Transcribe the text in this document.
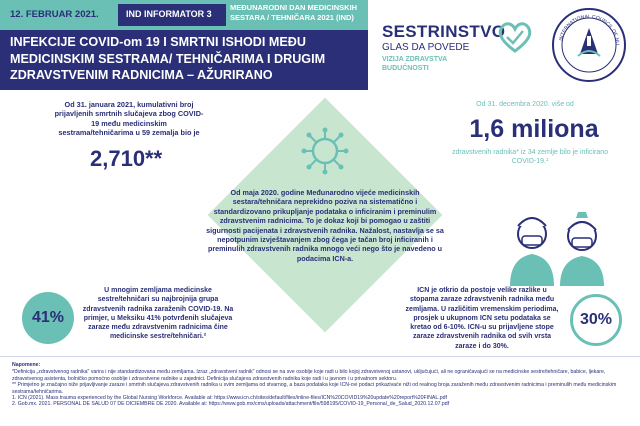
12. FEBRUAR 2021.	IND INFORMATOR 3
MEĐUNARODNI DAN MEDICINSKIH SESTARA / TEHNIČARA 2021 (IND)
INFEKCIJE COVID-om 19 I SMRTNI ISHODI MEĐU MEDICINSKIM SESTRAMA/ TEHNIČARIMA I DRUGIM ZDRAVSTVENIM RADNICIMA – AŽURIRANO
SESTRINSTVO
GLAS DA POVEDE
VIZIJA ZDRAVSTVA BUDUĆNOSTI
INTERNATIONAL COUNCIL OF NU
Od 31. januara 2021, kumulativni broj prijavljenih smrtnih slučajeva zbog COVID-19 među medicinskim sestrama/tehničarima u 59 zemalja bio je
2,710**
Od 31. decembra 2020. više od
1,6 miliona
zdravstvenih radnika* iz 34 zemlje bilo je inficirano COVID-19.¹
Od maja 2020. godine Međunarodno vijeće medicinskih sestara/tehničara neprekidno poziva na sistematično i standardizovano prikupljanje podataka o inficiranim i preminulim zdravstvenim radnicima. To je dokaz koji bi pomogao u zaštiti sigurnosti pacijenata i zdravstvenih radnika. Nažalost, nastavlja se sa nepotpunim izvještavanjem zbog čega je tačan broj inficiranih i preminulih zdravstvenih radnika mnogo veći nego što je navedeno u podacima ICN-a.
41%
U mnogim zemljama medicinske sestre/tehničari su najbrojnija grupa zdravstvenih radnika zaraženih COVID-19. Na primjer, u Meksiku 41% potvrđenih slučajeva zaraze među zdravstvenim radnicima čine medicinske sestre/tehničari.²
ICN je otkrio da postoje velike razlike u stopama zaraze zdravstvenih radnika među zemljama. U različitim vremenskim periodima, prosjek u ukupnom ICN setu podataka se kretao od 6-10%. ICN-u su prijavljene stope zaraze zdravstvenih radnika od svih vrsta zaraze i do 30%.
30%
Napomene:
*Definicija „zdravstvenog radnika" varira i nije standardizovana među zemljama. Izraz „zdravstveni radnik" odnosi se na sve osoblje koje radi u bilo kojoj zdravstvenoj ustanovi, uključujući, ali ne ograničavajući se na medicinske sestre/tehničare, babice, ljekare, zdravstvenog asistenta, bolničko pomoćno osoblje i zdravstvene radnike u zajednici. Definicija slučajeva zdravstvenih radnika koje radi i u javnom i u privatnom sektoru.
** Primjetno je značajno niže prijavljivanje zaraze i smrtnih slučajeva zdravstvenih radnika u svim zemljama od stvarnog, a baza podataka koje ICN-ovi podaci prikazivaće niži od realnog broja zaraženih među zdravstvenim radnicima i preminulih među medicinskim sestrama/tehničarima.
1. ICN (2021). Mass trauma experienced by the Global Nursing Workforce. Available at: https://www.icn.ch/sites/default/files/inline-files/ICN%20COVID19%20update%20report%20FINAL.pdf
2. Gob.mx. 2021. PERSONAL DE SALUD 07 DE DICIEMBRE DE 2020. Available at: https://www.gob.mx/cms/uploads/attachment/file/598195/COVID-19_Personal_de_Salud_2020.12.07.pdf
